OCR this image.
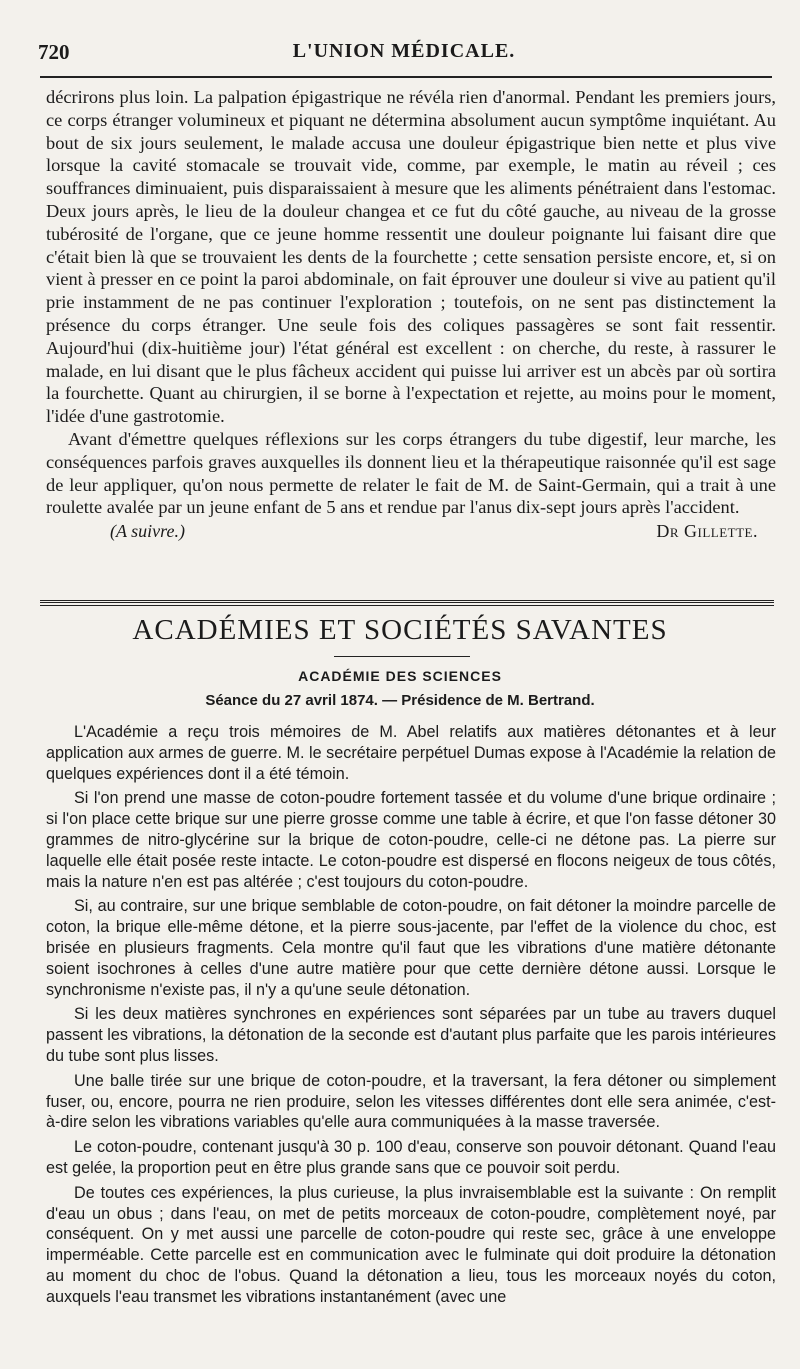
720	L'UNION MÉDICALE.

décrirons plus loin. La palpation épigastrique ne révéla rien d'anormal. Pendant les premiers jours, ce corps étranger volumineux et piquant ne détermina absolument aucun symptôme inquiétant. Au bout de six jours seulement, le malade accusa une douleur épigastrique bien nette et plus vive lorsque la cavité stomacale se trouvait vide, comme, par exemple, le matin au réveil ; ces souffrances diminuaient, puis disparaissaient à mesure que les aliments pénétraient dans l'estomac. Deux jours après, le lieu de la douleur changea et ce fut du côté gauche, au niveau de la grosse tubérosité de l'organe, que ce jeune homme ressentit une douleur poignante lui faisant dire que c'était bien là que se trouvaient les dents de la fourchette ; cette sensation persiste encore, et, si on vient à presser en ce point la paroi abdominale, on fait éprouver une douleur si vive au patient qu'il prie instamment de ne pas continuer l'exploration ; toutefois, on ne sent pas distinctement la présence du corps étranger. Une seule fois des coliques passagères se sont fait ressentir. Aujourd'hui (dix-huitième jour) l'état général est excellent : on cherche, du reste, à rassurer le malade, en lui disant que le plus fâcheux accident qui puisse lui arriver est un abcès par où sortira la fourchette. Quant au chirurgien, il se borne à l'expectation et rejette, au moins pour le moment, l'idée d'une gastrotomie.

Avant d'émettre quelques réflexions sur les corps étrangers du tube digestif, leur marche, les conséquences parfois graves auxquelles ils donnent lieu et la thérapeutique raisonnée qu'il est sage de leur appliquer, qu'on nous permette de relater le fait de M. de Saint-Germain, qui a trait à une roulette avalée par un jeune enfant de 5 ans et rendue par l'anus dix-sept jours après l'accident.

(A suivre.)	Dr Gillette.
ACADÉMIES ET SOCIÉTÉS SAVANTES
ACADÉMIE DES SCIENCES
Séance du 27 avril 1874. — Présidence de M. Bertrand.

L'Académie a reçu trois mémoires de M. Abel relatifs aux matières détonantes et à leur application aux armes de guerre. M. le secrétaire perpétuel Dumas expose à l'Académie la relation de quelques expériences dont il a été témoin.

Si l'on prend une masse de coton-poudre fortement tassée et du volume d'une brique ordinaire ; si l'on place cette brique sur une pierre grosse comme une table à écrire, et que l'on fasse détoner 30 grammes de nitro-glycérine sur la brique de coton-poudre, celle-ci ne détone pas. La pierre sur laquelle elle était posée reste intacte. Le coton-poudre est dispersé en flocons neigeux de tous côtés, mais la nature n'en est pas altérée ; c'est toujours du coton-poudre.

Si, au contraire, sur une brique semblable de coton-poudre, on fait détoner la moindre parcelle de coton, la brique elle-même détone, et la pierre sous-jacente, par l'effet de la violence du choc, est brisée en plusieurs fragments. Cela montre qu'il faut que les vibrations d'une matière détonante soient isochrones à celles d'une autre matière pour que cette dernière détone aussi. Lorsque le synchronisme n'existe pas, il n'y a qu'une seule détonation.

Si les deux matières synchrones en expériences sont séparées par un tube au travers duquel passent les vibrations, la détonation de la seconde est d'autant plus parfaite que les parois intérieures du tube sont plus lisses.

Une balle tirée sur une brique de coton-poudre, et la traversant, la fera détoner ou simplement fuser, ou, encore, pourra ne rien produire, selon les vitesses différentes dont elle sera animée, c'est-à-dire selon les vibrations variables qu'elle aura communiquées à la masse traversée.

Le coton-poudre, contenant jusqu'à 30 p. 100 d'eau, conserve son pouvoir détonant. Quand l'eau est gelée, la proportion peut en être plus grande sans que ce pouvoir soit perdu.

De toutes ces expériences, la plus curieuse, la plus invraisemblable est la suivante : On remplit d'eau un obus ; dans l'eau, on met de petits morceaux de coton-poudre, complètement noyé, par conséquent. On y met aussi une parcelle de coton-poudre qui reste sec, grâce à une enveloppe imperméable. Cette parcelle est en communication avec le fulminate qui doit produire la détonation au moment du choc de l'obus. Quand la détonation a lieu, tous les morceaux noyés du coton, auxquels l'eau transmet les vibrations instantanément (avec une
